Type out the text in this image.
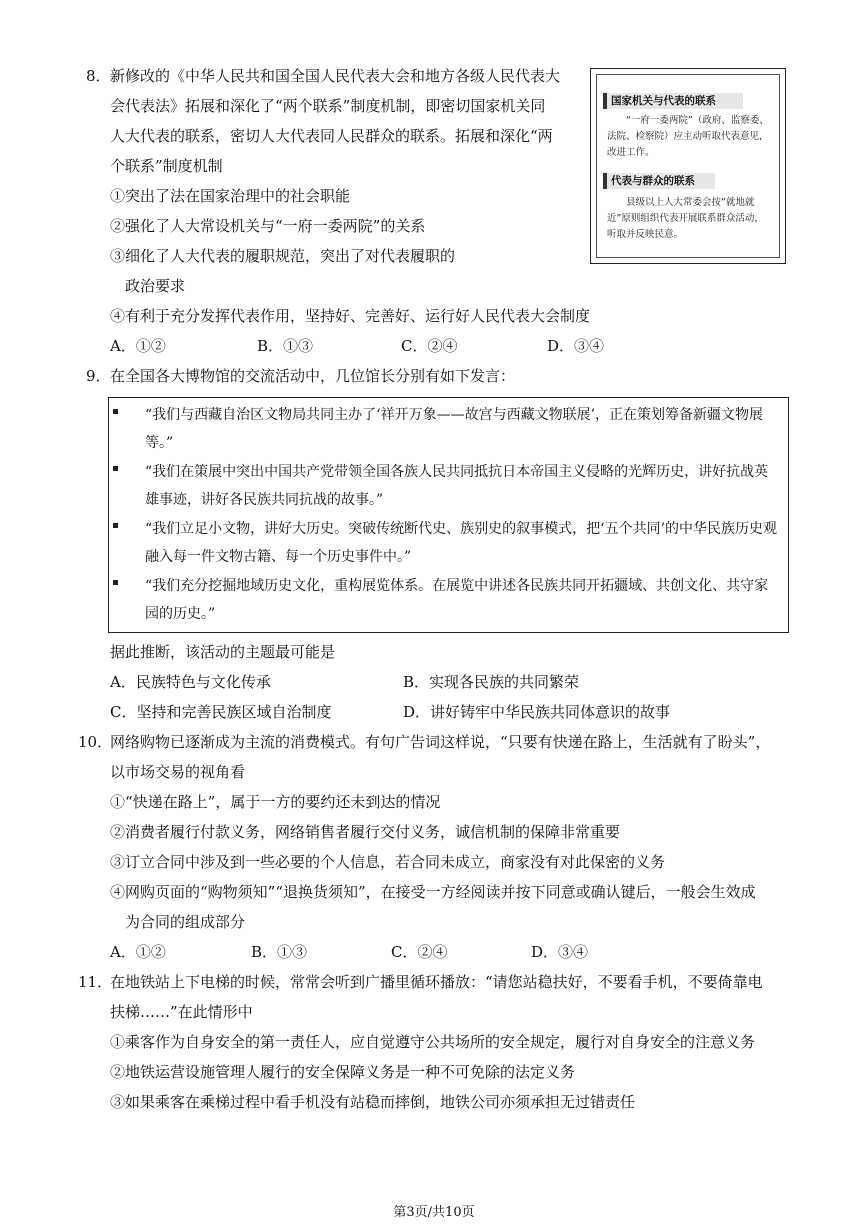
8． 新修改的《中华人民共和国全国人民代表大会和地方各级人民代表大
会代表法》拓展和深化了“两个联系”制度机制，即密切国家机关同
人大代表的联系，密切人大代表同人民群众的联系。拓展和深化“两
个联系”制度机制
①突出了法在国家治理中的社会职能
②强化了人大常设机关与“一府一委两院”的关系
③细化了人大代表的履职规范，突出了对代表履职的
政治要求
④有利于充分发挥代表作用，坚持好、完善好、运行好人民代表大会制度
A．①②	B．①③	C．②④	D．③④
国家机关与代表的联系
“一府一委两院”（政府、监察委、法院、检察院）应主动听取代表意见，改进工作。
代表与群众的联系
县级以上人大常委会按“就地就近”原则组织代表开展联系群众活动，听取并反映民意。
9． 在全国各大博物馆的交流活动中，几位馆长分别有如下发言：
“我们与西藏自治区文物局共同主办了‘祥开万象——故宫与西藏文物联展’，正在策划筹备新疆文物展等。”
“我们在策展中突出中国共产党带领全国各族人民共同抵抗日本帝国主义侵略的光辉历史，讲好抗战英雄事迹，讲好各民族共同抗战的故事。”
“我们立足小文物，讲好大历史。突破传统断代史、族别史的叙事模式，把‘五个共同’的中华民族历史观融入每一件文物古籍、每一个历史事件中。”
“我们充分挖掘地域历史文化，重构展览体系。在展览中讲述各民族共同开拓疆域、共创文化、共守家园的历史。”
据此推断，该活动的主题最可能是
A．民族特色与文化传承	B．实现各民族的共同繁荣
C．坚持和完善民族区域自治制度	D．讲好铸牢中华民族共同体意识的故事
10．
网络购物已逐渐成为主流的消费模式。有句广告词这样说，“只要有快递在路上，生活就有了盼头”，
以市场交易的视角看
①“快递在路上”，属于一方的要约还未到达的情况
②消费者履行付款义务，网络销售者履行交付义务，诚信机制的保障非常重要
③订立合同中涉及到一些必要的个人信息，若合同未成立，商家没有对此保密的义务
④网购页面的“购物须知”“退换货须知”，在接受一方经阅读并按下同意或确认键后，一般会生效成
为合同的组成部分
A．①②	B．①③	C．②④	D．③④
11．
在地铁站上下电梯的时候，常常会听到广播里循环播放：“请您站稳扶好，不要看手机，不要倚靠电
扶梯……”在此情形中
①乘客作为自身安全的第一责任人，应自觉遵守公共场所的安全规定，履行对自身安全的注意义务
②地铁运营设施管理人履行的安全保障义务是一种不可免除的法定义务
③如果乘客在乘梯过程中看手机没有站稳而摔倒，地铁公司亦须承担无过错责任
第3页/共10页
